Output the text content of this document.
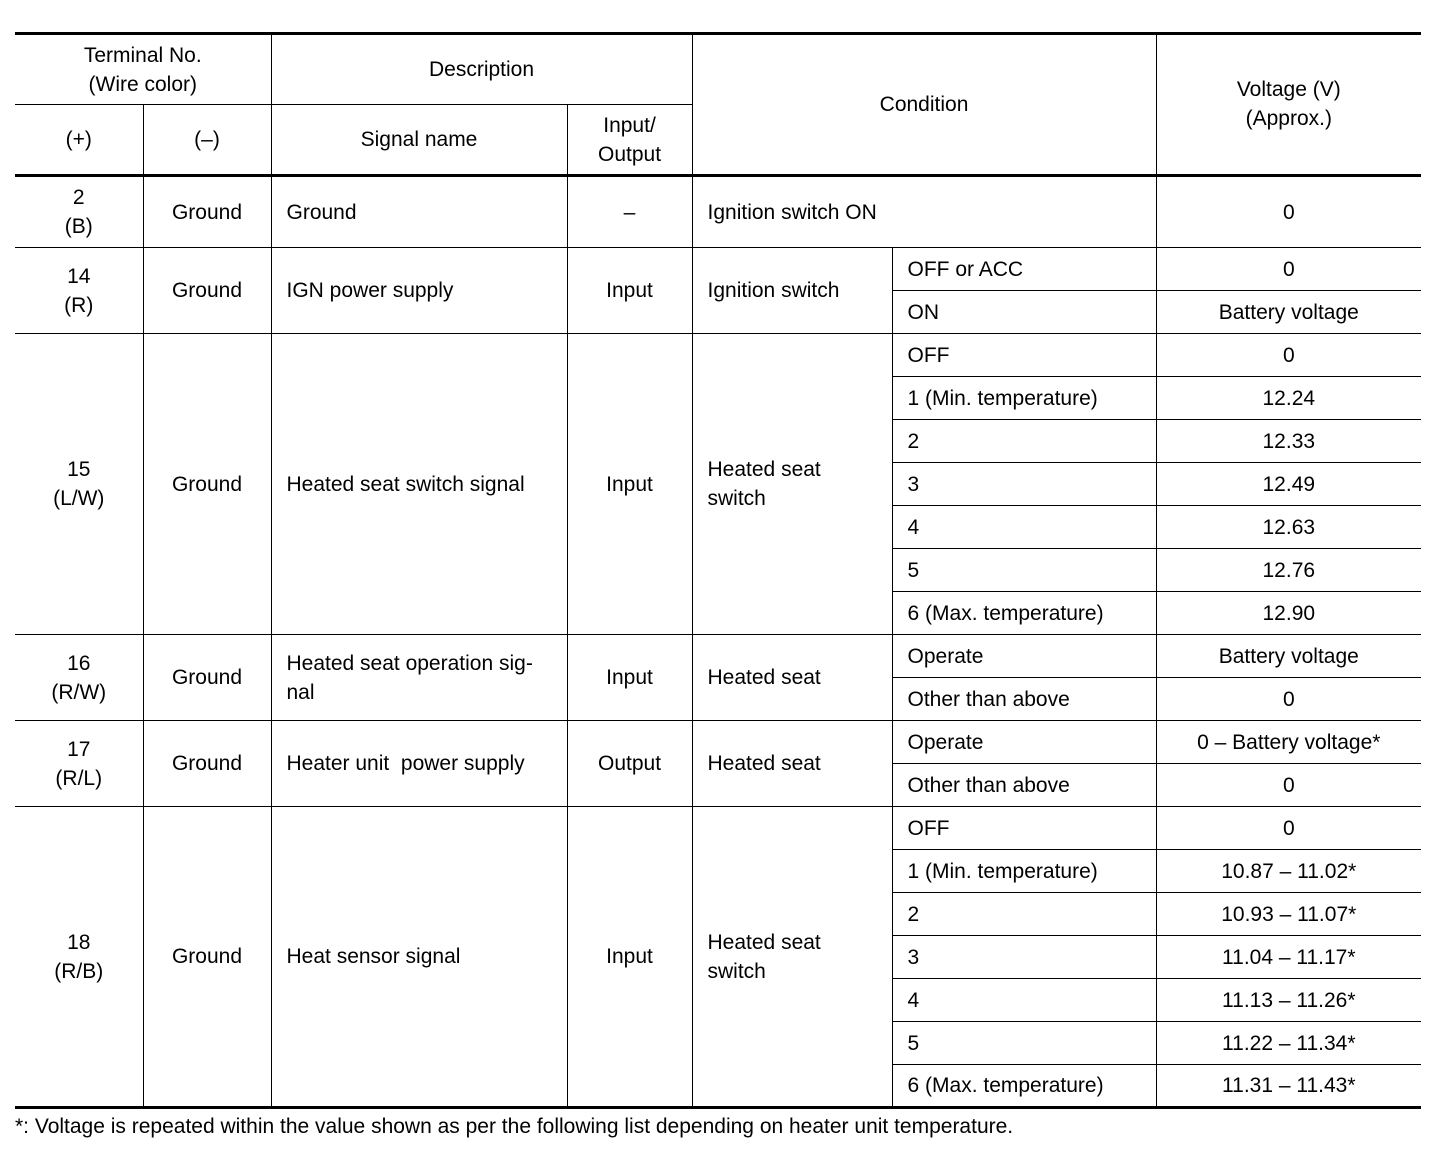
Terminal No.
(Wire color)		Description		Condition		Voltage (V)
(Approx.)

(+)	(–)	Signal name	Input/
Output			

2
(B)	Ground	Ground	–	Ignition switch ON		0

14
(R)	Ground	IGN power supply	Input	Ignition switch	OFF or ACC	0
					ON	Battery voltage

15
(L/W)	Ground	Heated seat switch signal	Input	Heated seat
switch	OFF	0
					1 (Min. temperature)	12.24
					2	12.33
					3	12.49
					4	12.63
					5	12.76
					6 (Max. temperature)	12.90

16
(R/W)	Ground	Heated seat operation sig-
nal	Input	Heated seat	Operate	Battery voltage
					Other than above	0

17
(R/L)	Ground	Heater unit  power supply	Output	Heated seat	Operate	0 – Battery voltage*
					Other than above	0

18
(R/B)	Ground	Heat sensor signal	Input	Heated seat
switch	OFF	0
					1 (Min. temperature)	10.87 – 11.02*
					2	10.93 – 11.07*
					3	11.04 – 11.17*
					4	11.13 – 11.26*
					5	11.22 – 11.34*
					6 (Max. temperature)	11.31 – 11.43*
*: Voltage is repeated within the value shown as per the following list depending on heater unit temperature.
